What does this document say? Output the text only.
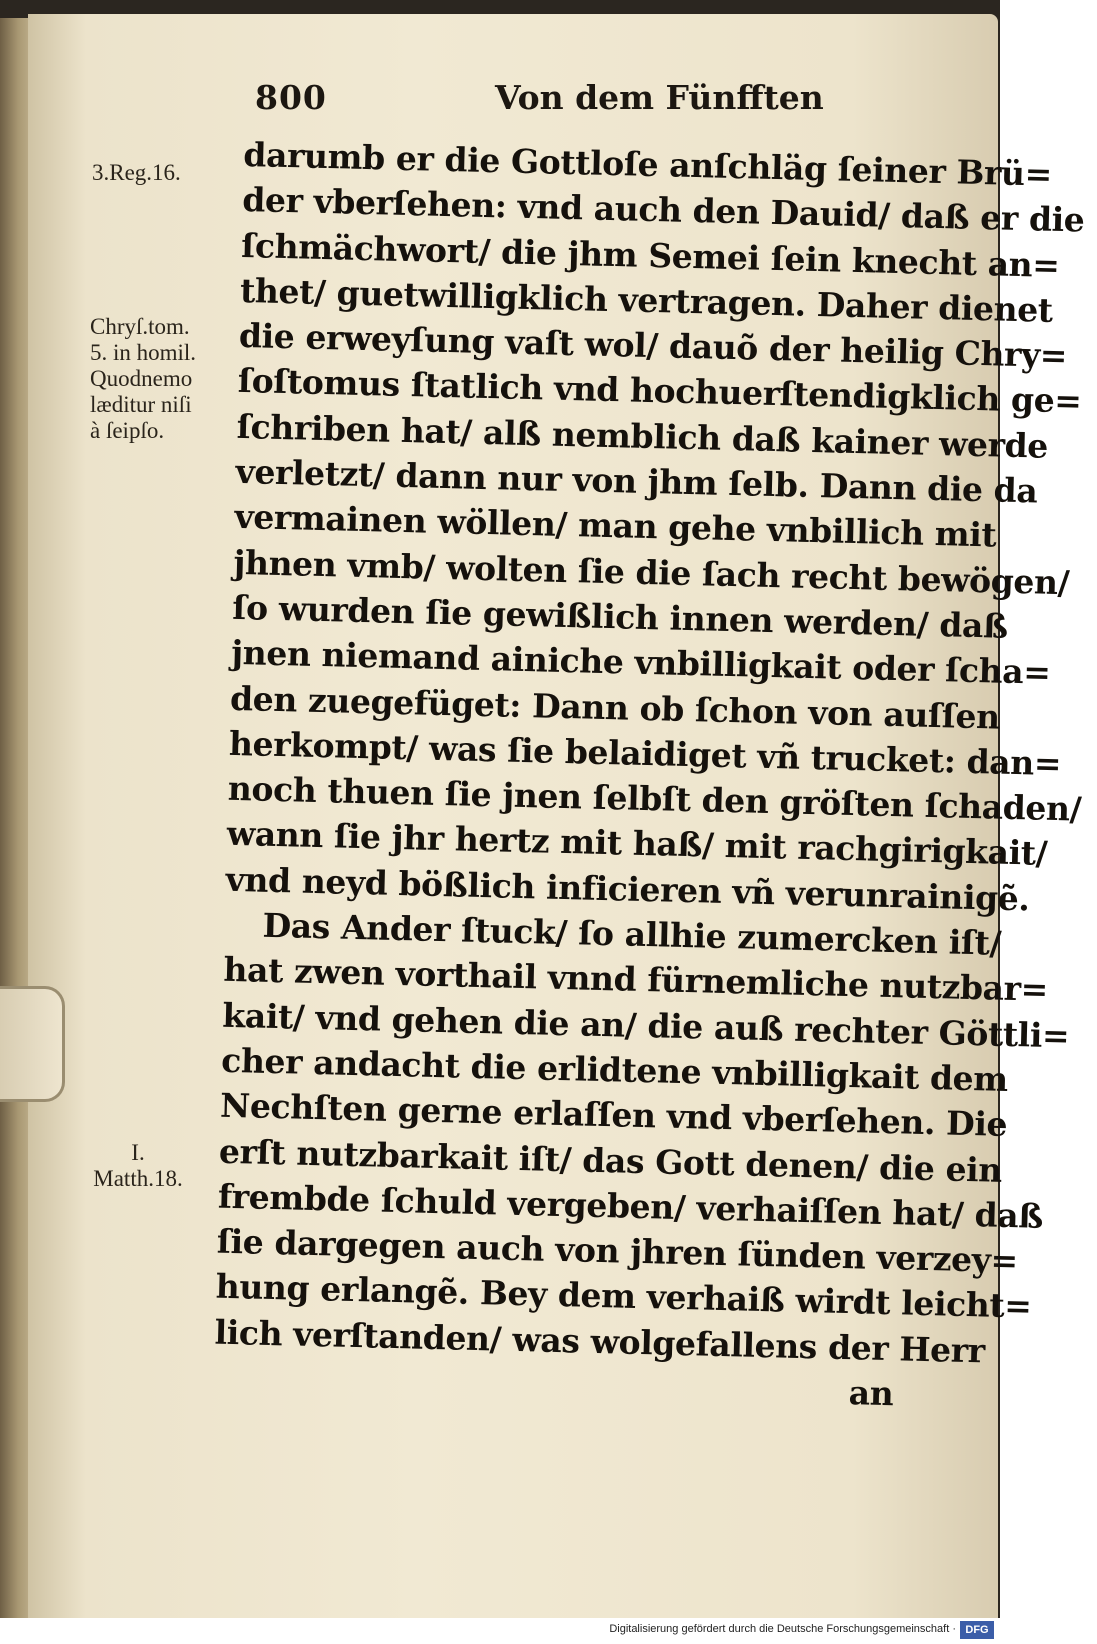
800	Von dem Fünfften
3.Reg.16.
Chryſ.tom.
5. in homil.
Quodnemo
læditur niſi
à ſeipſo.
I.
Matth.18.
darumb er die Gottloſe anſchläg ſeiner Brü=
der vberſehen: vnd auch den Dauid/ daß er die
ſchmächwort/ die jhm Semei ſein knecht an=
thet/ guetwilligklich vertragen. Daher dienet
die erweyſung vaſt wol/ dauõ der heilig Chry=
ſoſtomus ſtatlich vnd hochuerſtendigklich ge=
ſchriben hat/ alß nemblich daß kainer werde
verletzt/ dann nur von jhm ſelb. Dann die da
vermainen wöllen/ man gehe vnbillich mit
jhnen vmb/ wolten ſie die ſach recht bewögen/
ſo wurden ſie gewißlich innen werden/ daß
jnen niemand ainiche vnbilligkait oder ſcha=
den zuegefüget: Dann ob ſchon von auſſen
herkompt/ was ſie belaidiget vñ trucket: dan=
noch thuen ſie jnen ſelbſt den gröſten ſchaden/
wann ſie jhr hertz mit haß/ mit rachgirigkait/
vnd neyd bößlich inficieren vñ verunrainigẽ.
Das Ander ſtuck/ ſo allhie zumercken iſt/
hat zwen vorthail vnnd fürnemliche nutzbar=
kait/ vnd gehen die an/ die auß rechter Göttli=
cher andacht die erlidtene vnbilligkait dem
Nechſten gerne erlaſſen vnd vberſehen. Die
erſt nutzbarkait iſt/ das Gott denen/ die ein
frembde ſchuld vergeben/ verhaiſſen hat/ daß
ſie dargegen auch von jhren ſünden verzey=
hung erlangẽ. Bey dem verhaiß wirdt leicht=
lich verſtanden/ was wolgefallens der Herr
an
Digitalisierung gefördert durch die Deutsche Forschungsgemeinschaft · DFG
